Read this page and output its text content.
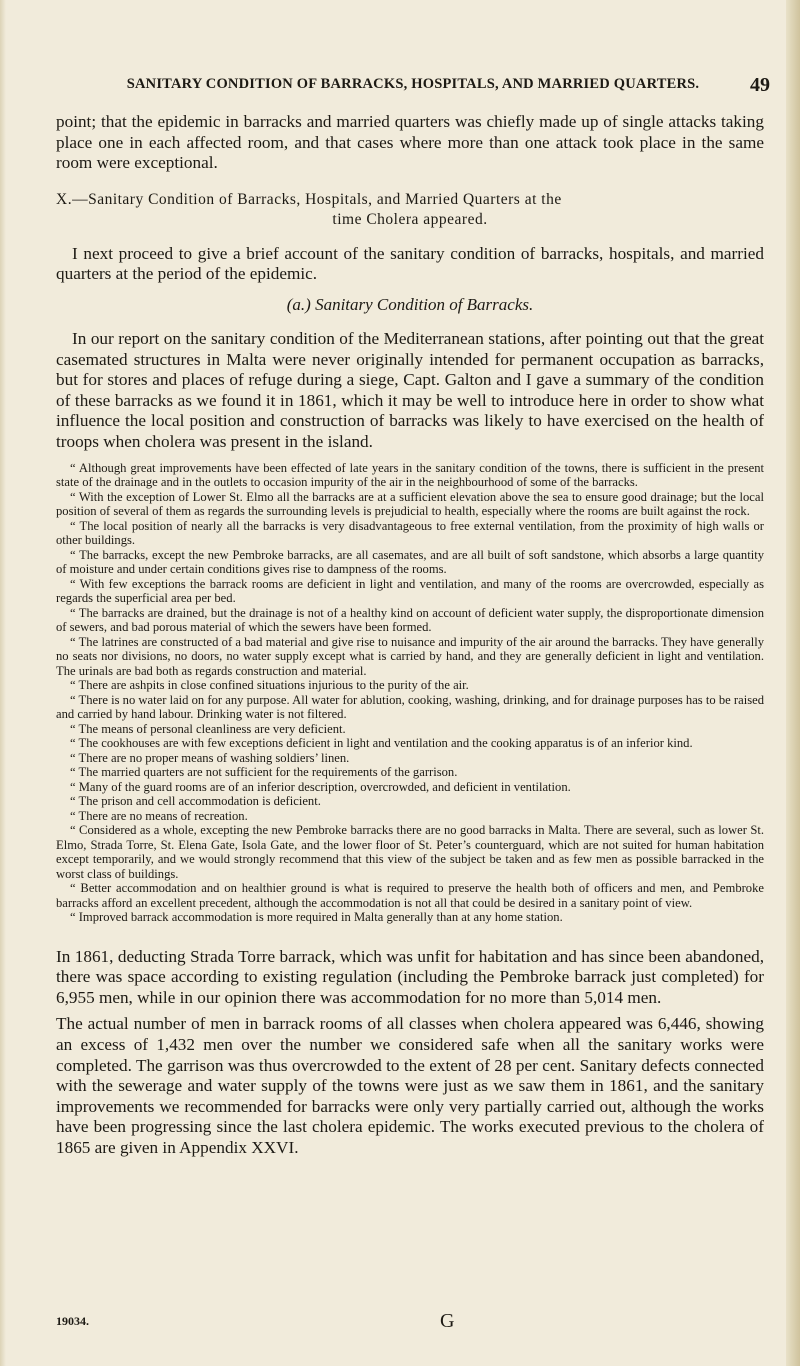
SANITARY CONDITION OF BARRACKS, HOSPITALS, AND MARRIED QUARTERS.	49

point; that the epidemic in barracks and married quarters was chiefly made up of single attacks taking place one in each affected room, and that cases where more than one attack took place in the same room were exceptional.

X.—Sanitary Condition of Barracks, Hospitals, and Married Quarters at the
time Cholera appeared.

I next proceed to give a brief account of the sanitary condition of barracks, hospitals, and married quarters at the period of the epidemic.

(a.) Sanitary Condition of Barracks.

In our report on the sanitary condition of the Mediterranean stations, after pointing out that the great casemated structures in Malta were never originally intended for permanent occupation as barracks, but for stores and places of refuge during a siege, Capt. Galton and I gave a summary of the condition of these barracks as we found it in 1861, which it may be well to introduce here in order to show what influence the local position and construction of barracks was likely to have exercised on the health of troops when cholera was present in the island.

“ Although great improvements have been effected of late years in the sanitary condition of the towns, there is sufficient in the present state of the drainage and in the outlets to occasion impurity of the air in the neighbourhood of some of the barracks.

“ With the exception of Lower St. Elmo all the barracks are at a sufficient elevation above the sea to ensure good drainage; but the local position of several of them as regards the surrounding levels is prejudicial to health, especially where the rooms are built against the rock.

“ The local position of nearly all the barracks is very disadvantageous to free external ventilation, from the proximity of high walls or other buildings.

“ The barracks, except the new Pembroke barracks, are all casemates, and are all built of soft sandstone, which absorbs a large quantity of moisture and under certain conditions gives rise to dampness of the rooms.

“ With few exceptions the barrack rooms are deficient in light and ventilation, and many of the rooms are overcrowded, especially as regards the superficial area per bed.

“ The barracks are drained, but the drainage is not of a healthy kind on account of deficient water supply, the disproportionate dimension of sewers, and bad porous material of which the sewers have been formed.

“ The latrines are constructed of a bad material and give rise to nuisance and impurity of the air around the barracks. They have generally no seats nor divisions, no doors, no water supply except what is carried by hand, and they are generally deficient in light and ventilation. The urinals are bad both as regards construction and material.

“ There are ashpits in close confined situations injurious to the purity of the air.

“ There is no water laid on for any purpose. All water for ablution, cooking, washing, drinking, and for drainage purposes has to be raised and carried by hand labour. Drinking water is not filtered.

“ The means of personal cleanliness are very deficient.

“ The cookhouses are with few exceptions deficient in light and ventilation and the cooking apparatus is of an inferior kind.

“ There are no proper means of washing soldiers’ linen.

“ The married quarters are not sufficient for the requirements of the garrison.

“ Many of the guard rooms are of an inferior description, overcrowded, and deficient in ventilation.

“ The prison and cell accommodation is deficient.

“ There are no means of recreation.

“ Considered as a whole, excepting the new Pembroke barracks there are no good barracks in Malta. There are several, such as lower St. Elmo, Strada Torre, St. Elena Gate, Isola Gate, and the lower floor of St. Peter’s counterguard, which are not suited for human habitation except temporarily, and we would strongly recommend that this view of the subject be taken and as few men as possible barracked in the worst class of buildings.

“ Better accommodation and on healthier ground is what is required to preserve the health both of officers and men, and Pembroke barracks afford an excellent precedent, although the accommodation is not all that could be desired in a sanitary point of view.

“ Improved barrack accommodation is more required in Malta generally than at any home station.

In 1861, deducting Strada Torre barrack, which was unfit for habitation and has since been abandoned, there was space according to existing regulation (including the Pembroke barrack just completed) for 6,955 men, while in our opinion there was accommodation for no more than 5,014 men.

The actual number of men in barrack rooms of all classes when cholera appeared was 6,446, showing an excess of 1,432 men over the number we considered safe when all the sanitary works were completed. The garrison was thus overcrowded to the extent of 28 per cent. Sanitary defects connected with the sewerage and water supply of the towns were just as we saw them in 1861, and the sanitary improvements we recommended for barracks were only very partially carried out, although the works have been progressing since the last cholera epidemic. The works executed previous to the cholera of 1865 are given in Appendix XXVI.

19034.	G
